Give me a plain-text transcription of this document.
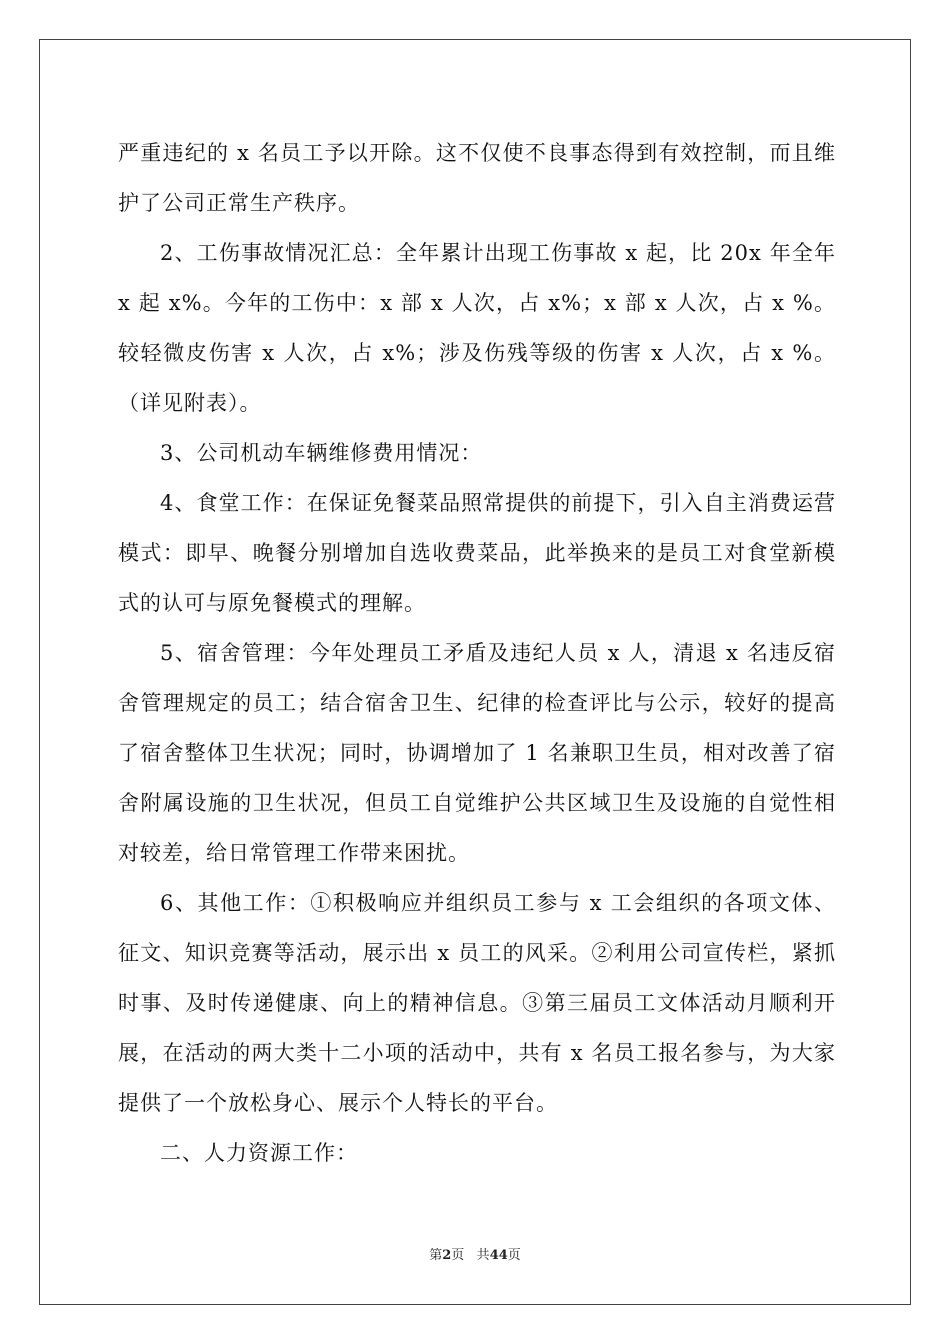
严重违纪的 x 名员工予以开除。这不仅使不良事态得到有效控制，而且维护了公司正常生产秩序。

2、工伤事故情况汇总：全年累计出现工伤事故 x 起，比 20x 年全年 x 起 x%。今年的工伤中：x 部 x 人次，占 x%；x 部 x 人次，占 x %。较轻微皮伤害 x 人次，占 x%；涉及伤残等级的伤害 x 人次，占 x %。（详见附表）。

3、公司机动车辆维修费用情况：

4、食堂工作：在保证免餐菜品照常提供的前提下，引入自主消费运营模式：即早、晚餐分别增加自选收费菜品，此举换来的是员工对食堂新模式的认可与原免餐模式的理解。

5、宿舍管理：今年处理员工矛盾及违纪人员 x 人，清退 x 名违反宿舍管理规定的员工；结合宿舍卫生、纪律的检查评比与公示，较好的提高了宿舍整体卫生状况；同时，协调增加了 1 名兼职卫生员，相对改善了宿舍附属设施的卫生状况，但员工自觉维护公共区域卫生及设施的自觉性相对较差，给日常管理工作带来困扰。

6、其他工作：①积极响应并组织员工参与 x 工会组织的各项文体、征文、知识竞赛等活动，展示出 x 员工的风采。②利用公司宣传栏，紧抓时事、及时传递健康、向上的精神信息。③第三届员工文体活动月顺利开展，在活动的两大类十二小项的活动中，共有 x 名员工报名参与，为大家提供了一个放松身心、展示个人特长的平台。

二、人力资源工作：

第2页 共44页
